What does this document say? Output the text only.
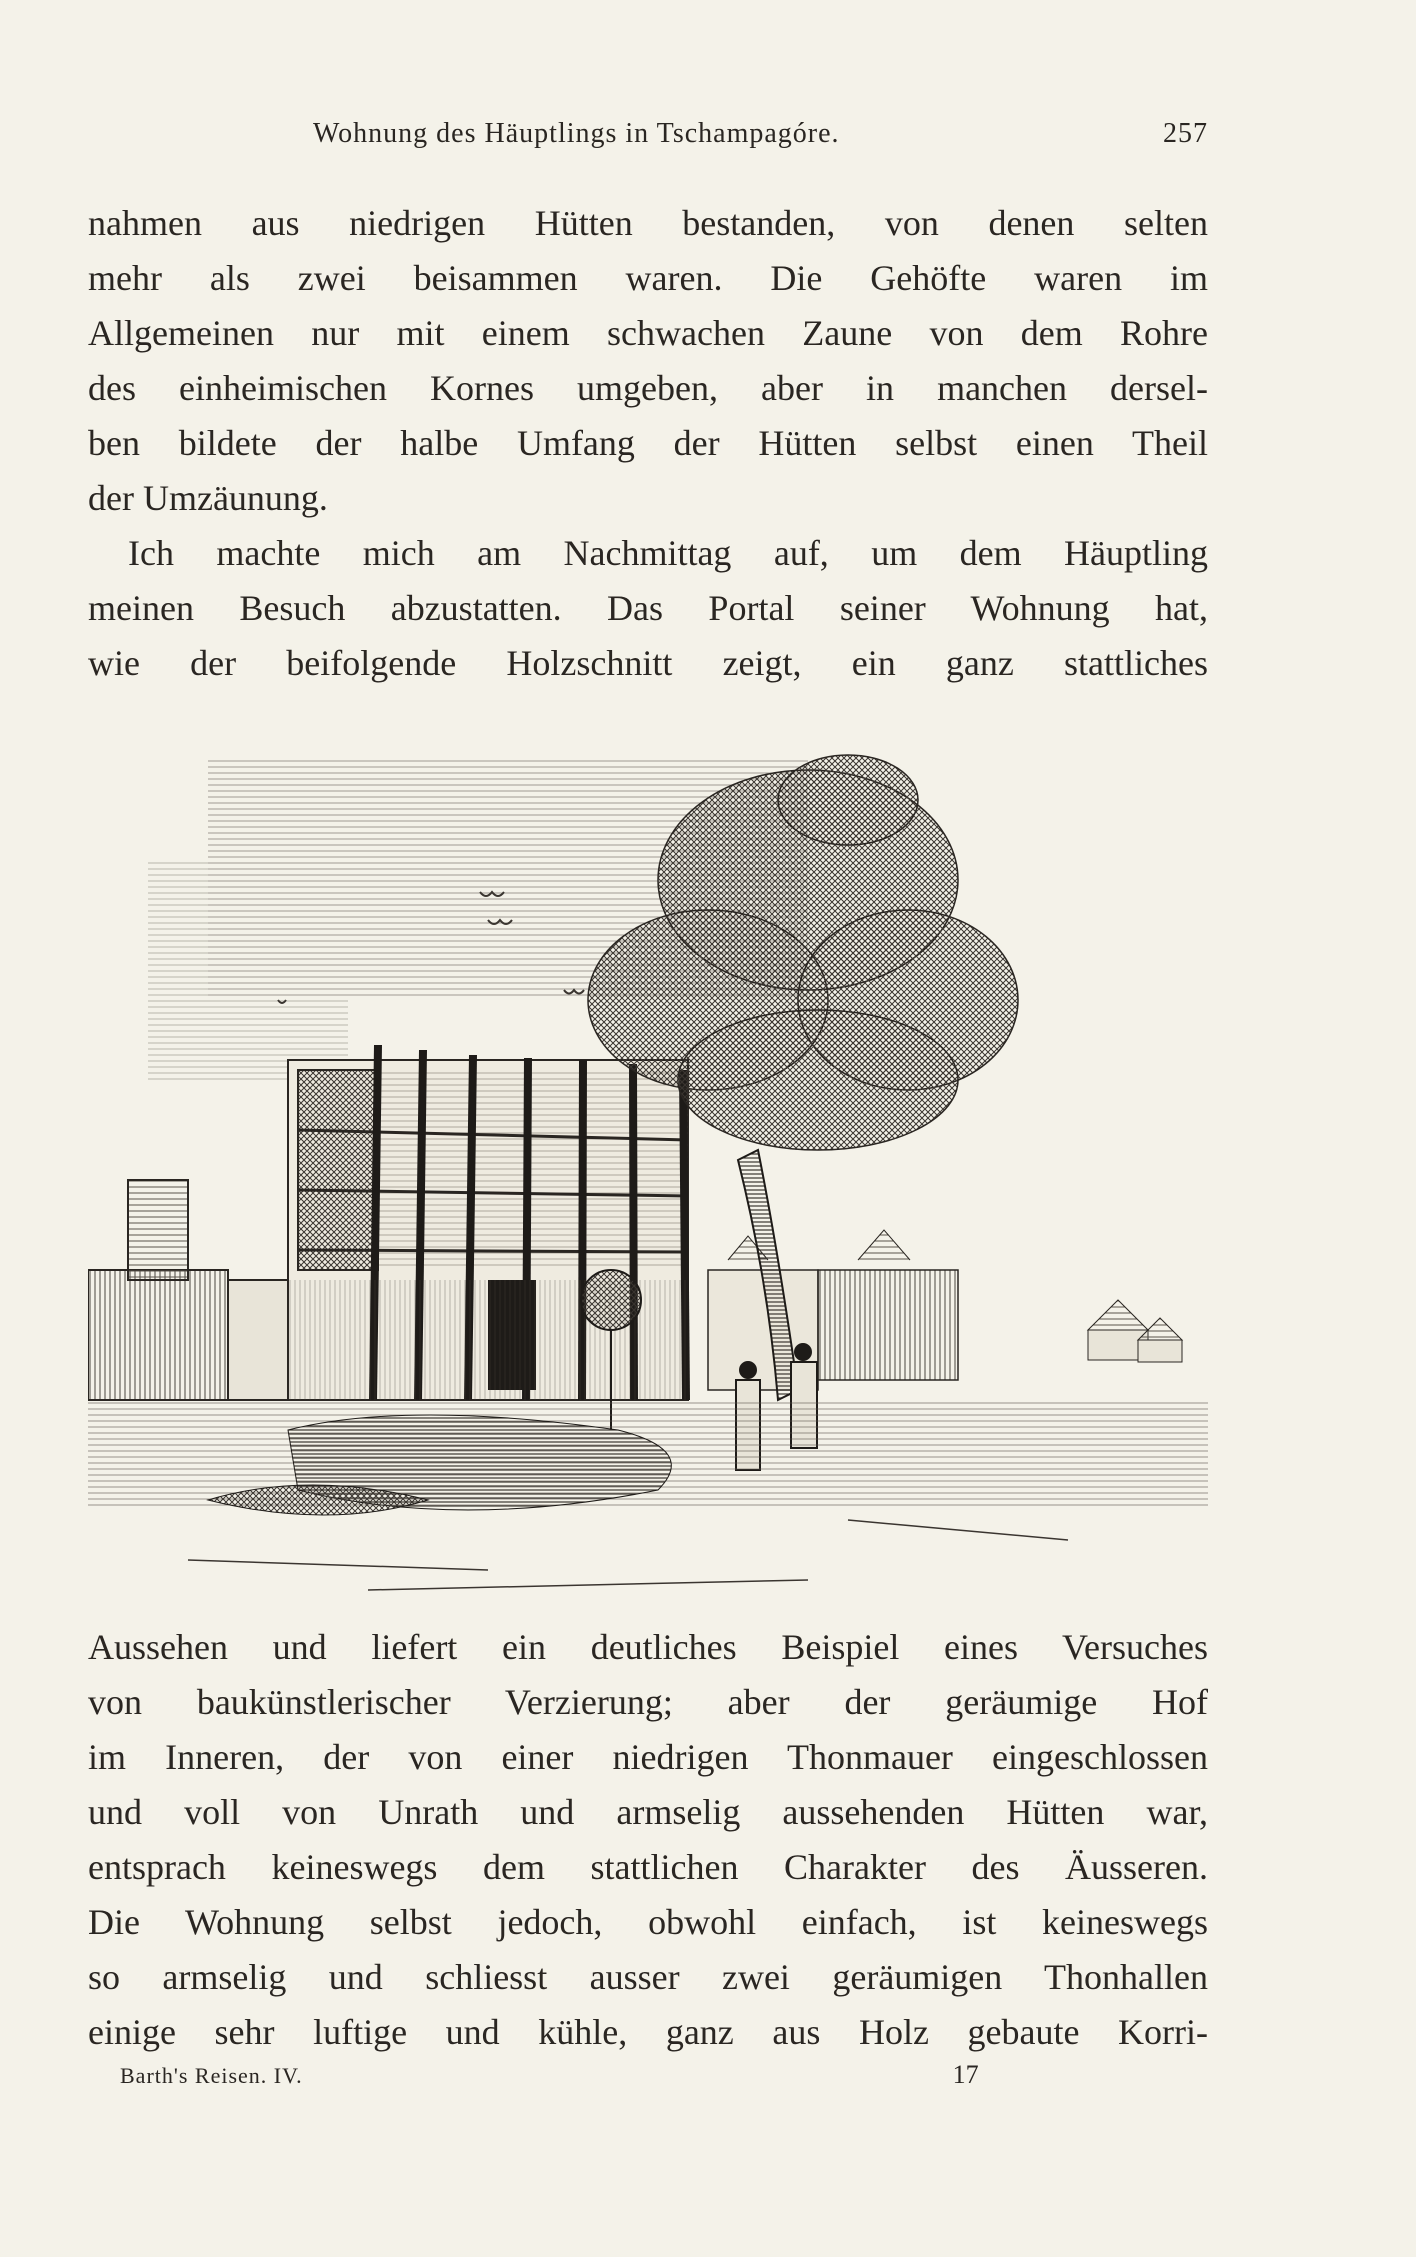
Wohnung des Häuptlings in Tschampagóre.	257

nahmen aus niedrigen Hütten bestanden, von denen selten
mehr als zwei beisammen waren. Die Gehöfte waren im
Allgemeinen nur mit einem schwachen Zaune von dem Rohre
des einheimischen Kornes umgeben, aber in manchen dersel-
ben bildete der halbe Umfang der Hütten selbst einen Theil
der Umzäunung.

Ich machte mich am Nachmittag auf, um dem Häuptling
meinen Besuch abzustatten. Das Portal seiner Wohnung hat,
wie der beifolgende Holzschnitt zeigt, ein ganz stattliches

Aussehen und liefert ein deutliches Beispiel eines Versuches
von baukünstlerischer Verzierung; aber der geräumige Hof
im Inneren, der von einer niedrigen Thonmauer eingeschlossen
und voll von Unrath und armselig aussehenden Hütten war,
entsprach keineswegs dem stattlichen Charakter des Äusseren.
Die Wohnung selbst jedoch, obwohl einfach, ist keineswegs
so armselig und schliesst ausser zwei geräumigen Thonhallen
einige sehr luftige und kühle, ganz aus Holz gebaute Korri-

Barth's Reisen. IV.	17
